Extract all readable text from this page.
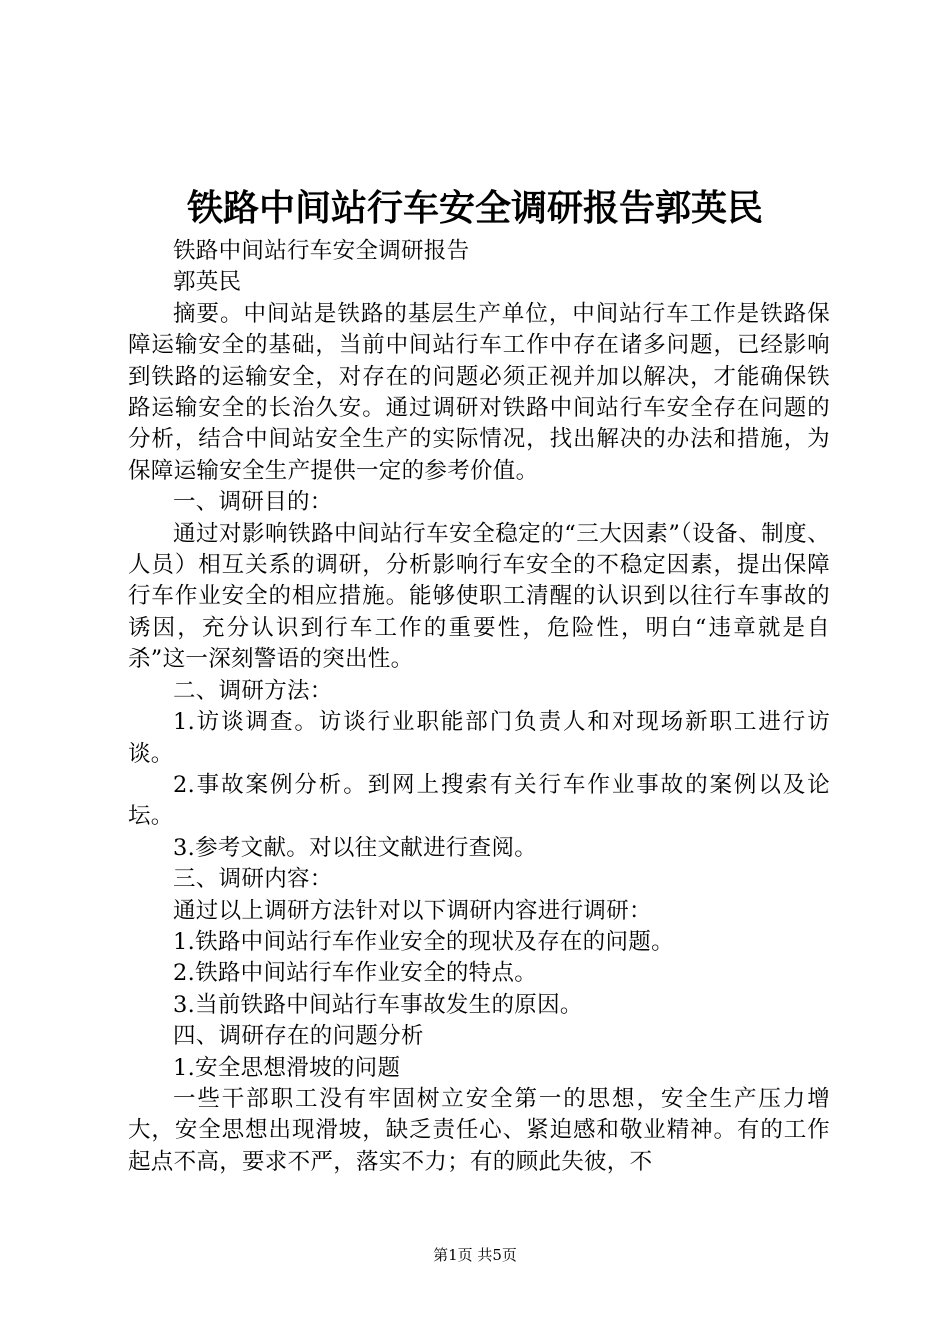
铁路中间站行车安全调研报告郭英民

铁路中间站行车安全调研报告

郭英民

摘要。中间站是铁路的基层生产单位，中间站行车工作是铁路保障运输安全的基础，当前中间站行车工作中存在诸多问题，已经影响到铁路的运输安全，对存在的问题必须正视并加以解决，才能确保铁路运输安全的长治久安。通过调研对铁路中间站行车安全存在问题的分析，结合中间站安全生产的实际情况，找出解决的办法和措施，为保障运输安全生产提供一定的参考价值。

一、调研目的：

通过对影响铁路中间站行车安全稳定的“三大因素”（设备、制度、人员）相互关系的调研，分析影响行车安全的不稳定因素，提出保障行车作业安全的相应措施。能够使职工清醒的认识到以往行车事故的诱因，充分认识到行车工作的重要性，危险性，明白“违章就是自杀”这一深刻警语的突出性。

二、调研方法：

1.访谈调查。访谈行业职能部门负责人和对现场新职工进行访谈。

2.事故案例分析。到网上搜索有关行车作业事故的案例以及论坛。

3.参考文献。对以往文献进行查阅。

三、调研内容：

通过以上调研方法针对以下调研内容进行调研：

1.铁路中间站行车作业安全的现状及存在的问题。

2.铁路中间站行车作业安全的特点。

3.当前铁路中间站行车事故发生的原因。

四、调研存在的问题分析

1.安全思想滑坡的问题

一些干部职工没有牢固树立安全第一的思想，安全生产压力增大，安全思想出现滑坡，缺乏责任心、紧迫感和敬业精神。有的工作起点不高，要求不严，落实不力；有的顾此失彼，不

第1页 共5页
